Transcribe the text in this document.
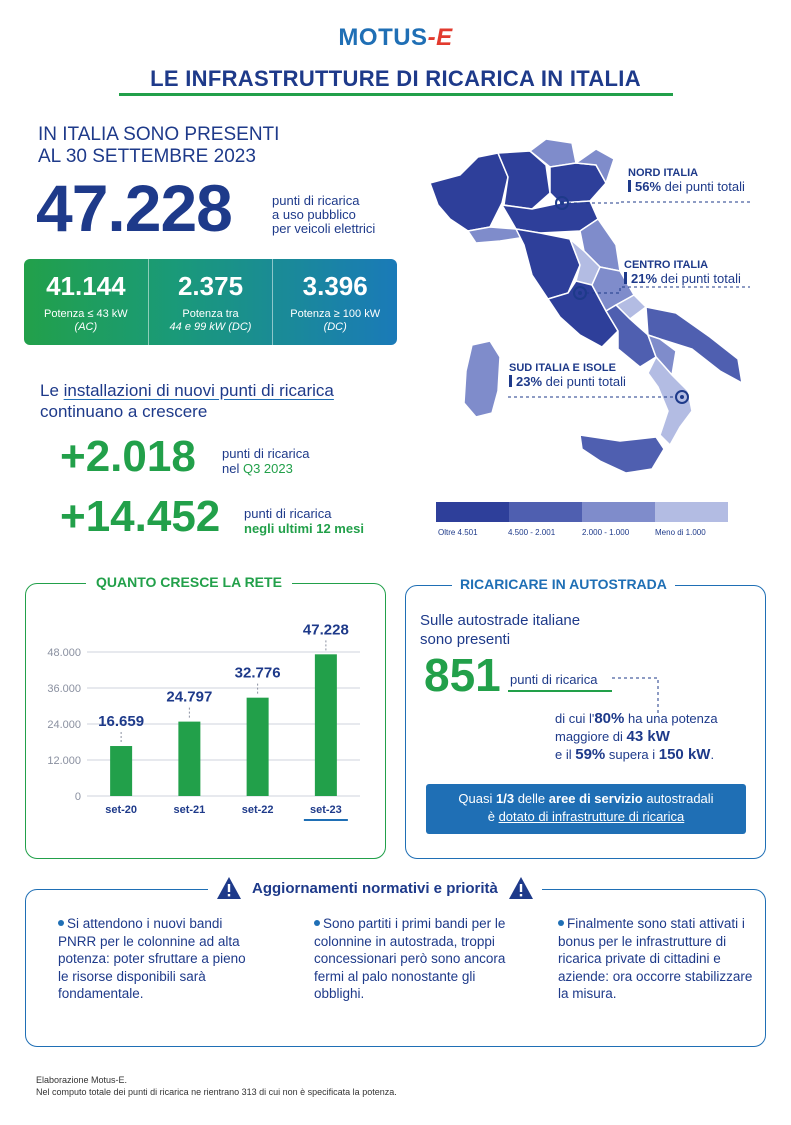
MOTUS-E
LE INFRASTRUTTURE DI RICARICA IN ITALIA
IN ITALIA SONO PRESENTI
AL 30 SETTEMBRE 2023
47.228	punti di ricarica
a uso pubblico
per veicoli elettrici
41.144
Potenza ≤ 43 kW
(AC)
2.375
Potenza tra
44 e 99 kW (DC)
3.396
Potenza ≥ 100 kW
(DC)
Le installazioni di nuovi punti di ricarica
continuano a crescere
+2.018 punti di ricarica
nel Q3 2023
+14.452 punti di ricarica
negli ultimi 12 mesi
NORD ITALIA
56% dei punti totali
CENTRO ITALIA
21% dei punti totali
SUD ITALIA E ISOLE
23% dei punti totali
Oltre 4.501	4.500 - 2.001	2.000 - 1.000	Meno di 1.000
QUANTO CRESCE LA RETE
0
12.000
24.000
36.000
48.000
16.659
set-20
24.797
set-21
32.776
set-22
47.228
set-23
RICARICARE IN AUTOSTRADA
Sulle autostrade italiane
sono presenti
851 punti di ricarica
di cui l'80% ha una potenza
maggiore di 43 kW
e il 59% supera i 150 kW.
Quasi 1/3 delle aree di servizio autostradali
è dotato di infrastrutture di ricarica
Aggiornamenti normativi e priorità
Si attendono i nuovi bandi PNRR per le colonnine ad alta potenza: poter sfruttare a pieno le risorse disponibili sarà fondamentale.
Sono partiti i primi bandi per le colonnine in autostrada, troppi concessionari però sono ancora fermi al palo nonostante gli obblighi.
Finalmente sono stati attivati i bonus per le infrastrutture di ricarica private di cittadini e aziende: ora occorre stabilizzare la misura.
Elaborazione Motus-E.
Nel computo totale dei punti di ricarica ne rientrano 313 di cui non è specificata la potenza.
